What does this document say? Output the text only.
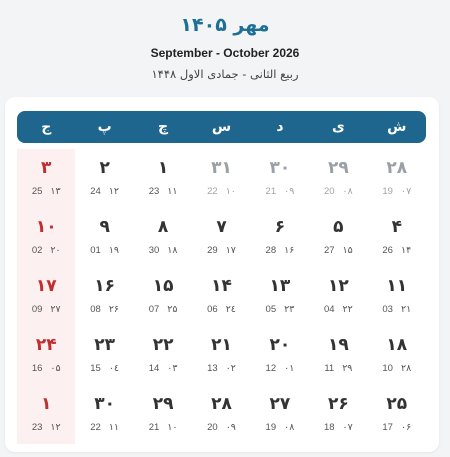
مهر ۱۴۰۵
September - October 2026
ربیع الثانی - جمادی الاول ۱۴۴۸
ش
ی
د
س
چ
پ
ج
۲۸
۰۷
19
۲۹
۰۸
20
۳۰
۰۹
21
۳۱
۱۰
22
۱
۱۱
23
۲
۱۲
24
۳
۱۳
25
۴
۱۴
26
۵
۱۵
27
۶
۱۶
28
۷
۱۷
29
۸
۱۸
30
۹
۱۹
01
۱۰
۲۰
02
۱۱
۲۱
03
۱۲
۲۲
04
۱۳
۲۳
05
۱۴
۲٤
06
۱۵
۲۵
07
۱۶
۲۶
08
۱۷
۲۷
09
۱۸
۲۸
10
۱۹
۲۹
11
۲۰
۰۱
12
۲۱
۰۲
13
۲۲
۰۳
14
۲۳
۰٤
15
۲۴
۰۵
16
۲۵
۰۶
17
۲۶
۰۷
18
۲۷
۰۸
19
۲۸
۰۹
20
۲۹
۱۰
21
۳۰
۱۱
22
۱
۱۲
23
